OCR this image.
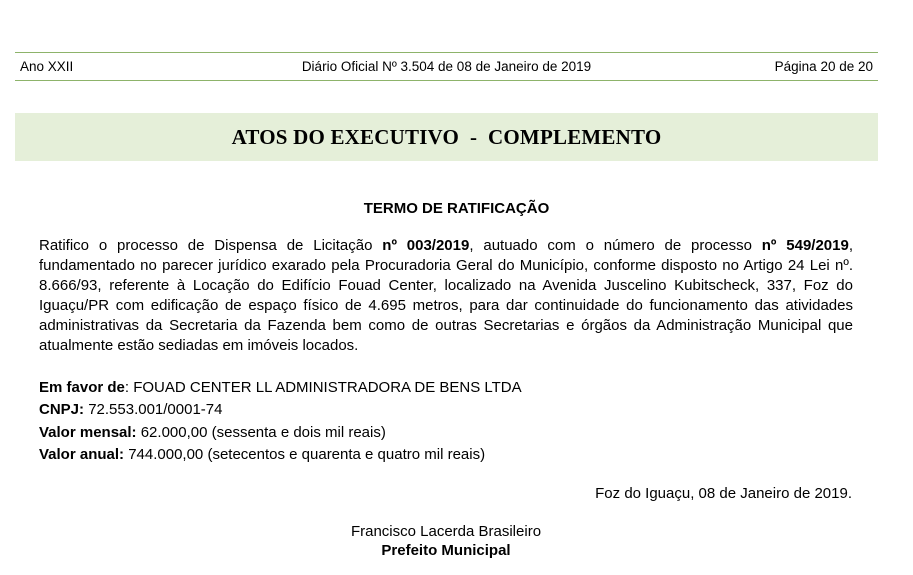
Ano XXII	Diário Oficial Nº 3.504 de 08 de Janeiro de 2019	Página 20 de 20
ATOS DO EXECUTIVO  -  COMPLEMENTO
TERMO DE RATIFICAÇÃO
Ratifico o processo de Dispensa de Licitação nº 003/2019, autuado com o número de processo nº 549/2019, fundamentado no parecer jurídico exarado pela Procuradoria Geral do Município, conforme disposto no Artigo 24 Lei nº. 8.666/93, referente à Locação do Edifício Fouad Center, localizado na Avenida Juscelino Kubitscheck, 337, Foz do Iguaçu/PR com edificação de espaço físico de 4.695 metros, para dar continuidade do funcionamento das atividades administrativas da Secretaria da Fazenda bem como de outras Secretarias e órgãos da Administração Municipal que atualmente estão sediadas em imóveis locados.
Em favor de: FOUAD CENTER LL ADMINISTRADORA DE BENS LTDA
CNPJ: 72.553.001/0001-74
Valor mensal: 62.000,00 (sessenta e dois mil reais)
Valor anual: 744.000,00 (setecentos e quarenta e quatro mil reais)
Foz do Iguaçu, 08 de Janeiro de 2019.
Francisco Lacerda Brasileiro
Prefeito Municipal
